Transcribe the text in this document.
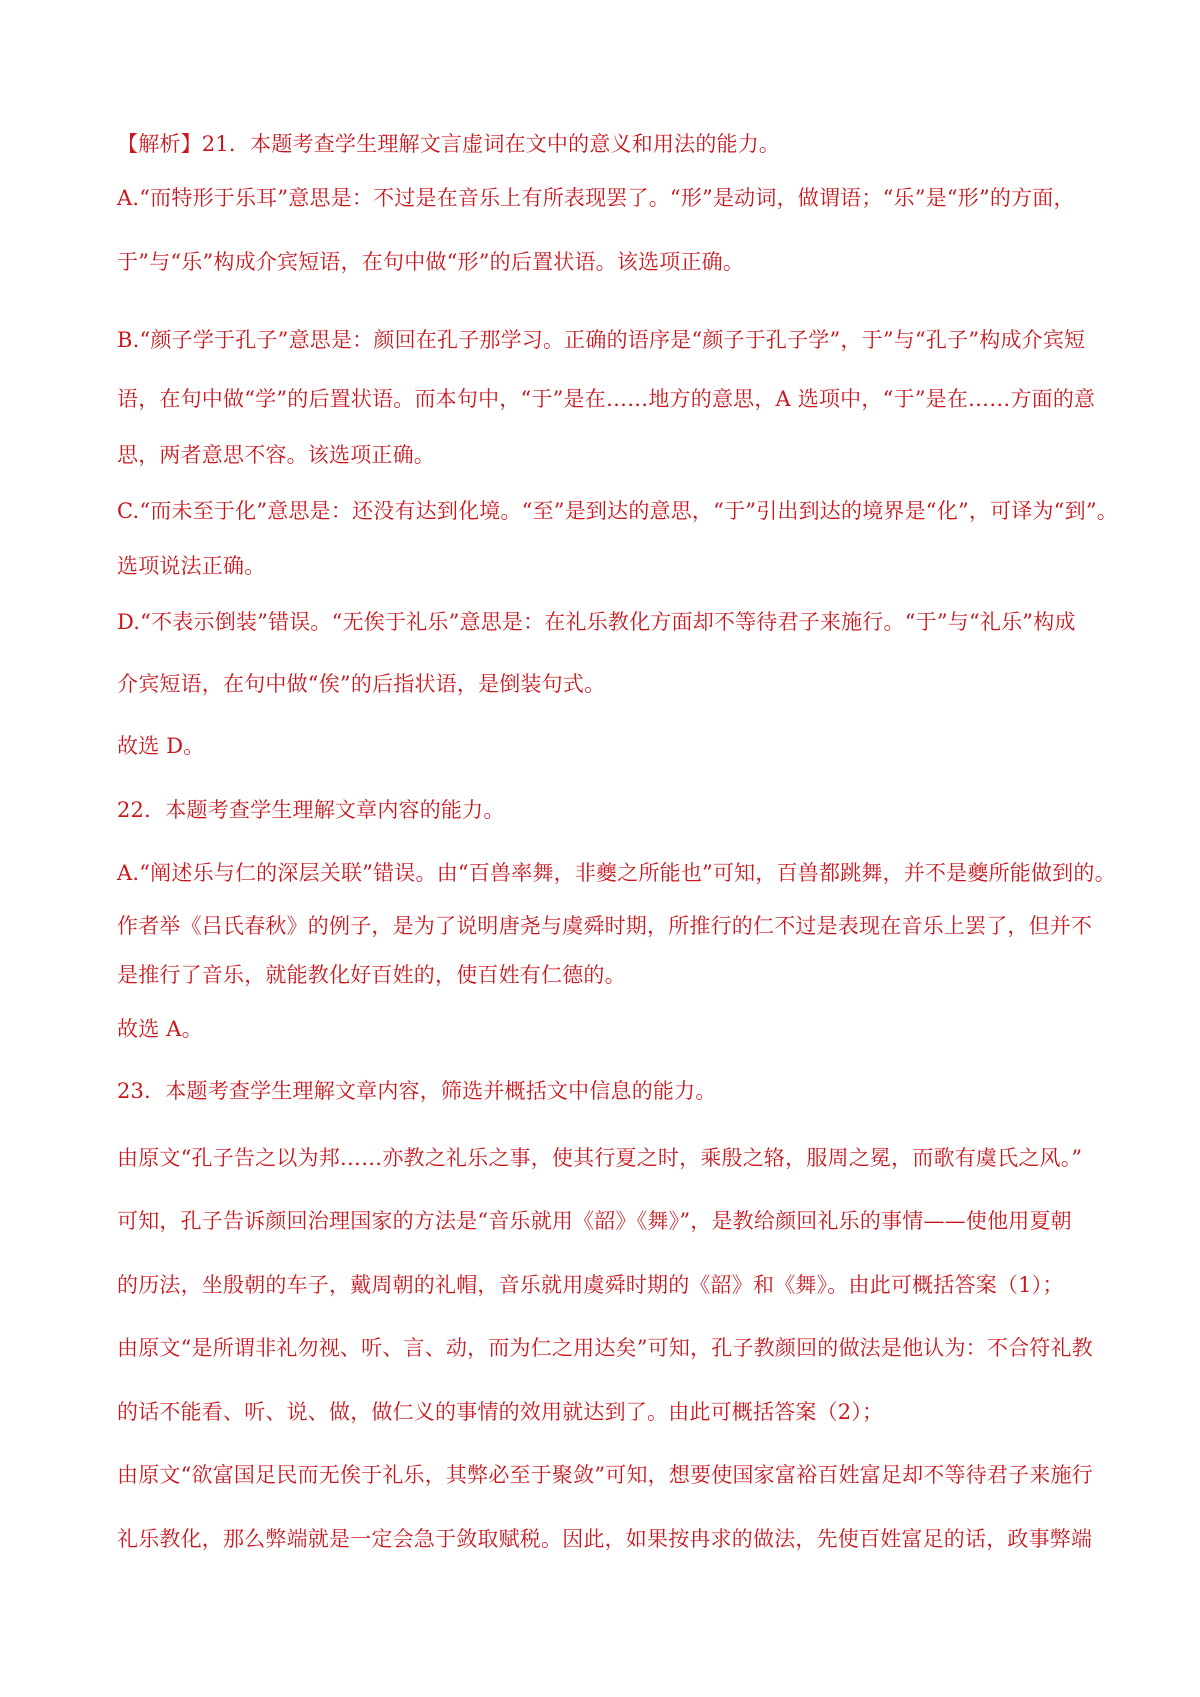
【解析】21．本题考查学生理解文言虚词在文中的意义和用法的能力。
A.“而特形于乐耳”意思是：不过是在音乐上有所表现罢了。“形”是动词，做谓语；“乐”是“形”的方面，
于”与“乐”构成介宾短语，在句中做“形”的后置状语。该选项正确。
B.“颜子学于孔子”意思是：颜回在孔子那学习。正确的语序是“颜子于孔子学”，于”与“孔子”构成介宾短
语，在句中做“学”的后置状语。而本句中，“于”是在……地方的意思，A 选项中，“于”是在……方面的意
思，两者意思不容。该选项正确。
C.“而未至于化”意思是：还没有达到化境。“至”是到达的意思，“于”引出到达的境界是“化”，可译为“到”。
选项说法正确。
D.“不表示倒装”错误。“无俟于礼乐”意思是：在礼乐教化方面却不等待君子来施行。“于”与“礼乐”构成
介宾短语，在句中做“俟”的后指状语，是倒装句式。
故选 D。
22．本题考查学生理解文章内容的能力。
A.“阐述乐与仁的深层关联”错误。由“百兽率舞，非夔之所能也”可知，百兽都跳舞，并不是夔所能做到的。
作者举《吕氏春秋》的例子，是为了说明唐尧与虞舜时期，所推行的仁不过是表现在音乐上罢了，但并不
是推行了音乐，就能教化好百姓的，使百姓有仁德的。
故选 A。
23．本题考查学生理解文章内容，筛选并概括文中信息的能力。
由原文“孔子告之以为邦……亦教之礼乐之事，使其行夏之时，乘殷之辂，服周之冕，而歌有虞氏之风。”
可知，孔子告诉颜回治理国家的方法是“音乐就用《韶》《舞》”，是教给颜回礼乐的事情——使他用夏朝
的历法，坐殷朝的车子，戴周朝的礼帽，音乐就用虞舜时期的《韶》和《舞》。由此可概括答案（1）；
由原文“是所谓非礼勿视、听、言、动，而为仁之用达矣”可知，孔子教颜回的做法是他认为：不合符礼教
的话不能看、听、说、做，做仁义的事情的效用就达到了。由此可概括答案（2）；
由原文“欲富国足民而无俟于礼乐，其弊必至于聚敛”可知，想要使国家富裕百姓富足却不等待君子来施行
礼乐教化，那么弊端就是一定会急于敛取赋税。因此，如果按冉求的做法，先使百姓富足的话，政事弊端
